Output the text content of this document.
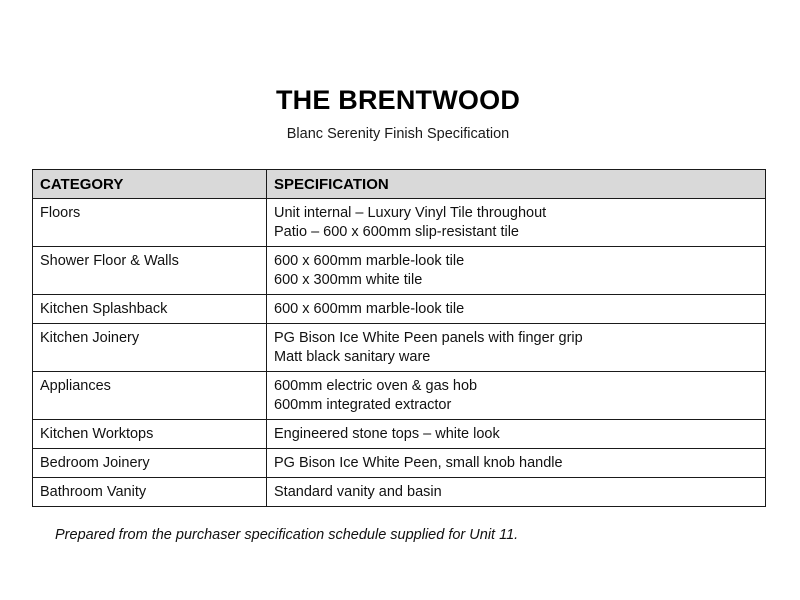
THE BRENTWOOD
Blanc Serenity Finish Specification
CATEGORY	SPECIFICATION
Floors	Unit internal – Luxury Vinyl Tile throughout
Patio – 600 x 600mm slip-resistant tile

Shower Floor & Walls	600 x 600mm marble-look tile
600 x 300mm white tile

Kitchen Splashback	600 x 600mm marble-look tile

Kitchen Joinery	PG Bison Ice White Peen panels with finger grip
Matt black sanitary ware

Appliances	600mm electric oven & gas hob
600mm integrated extractor

Kitchen Worktops	Engineered stone tops – white look

Bedroom Joinery	PG Bison Ice White Peen, small knob handle

Bathroom Vanity	Standard vanity and basin
Prepared from the purchaser specification schedule supplied for Unit 11.
